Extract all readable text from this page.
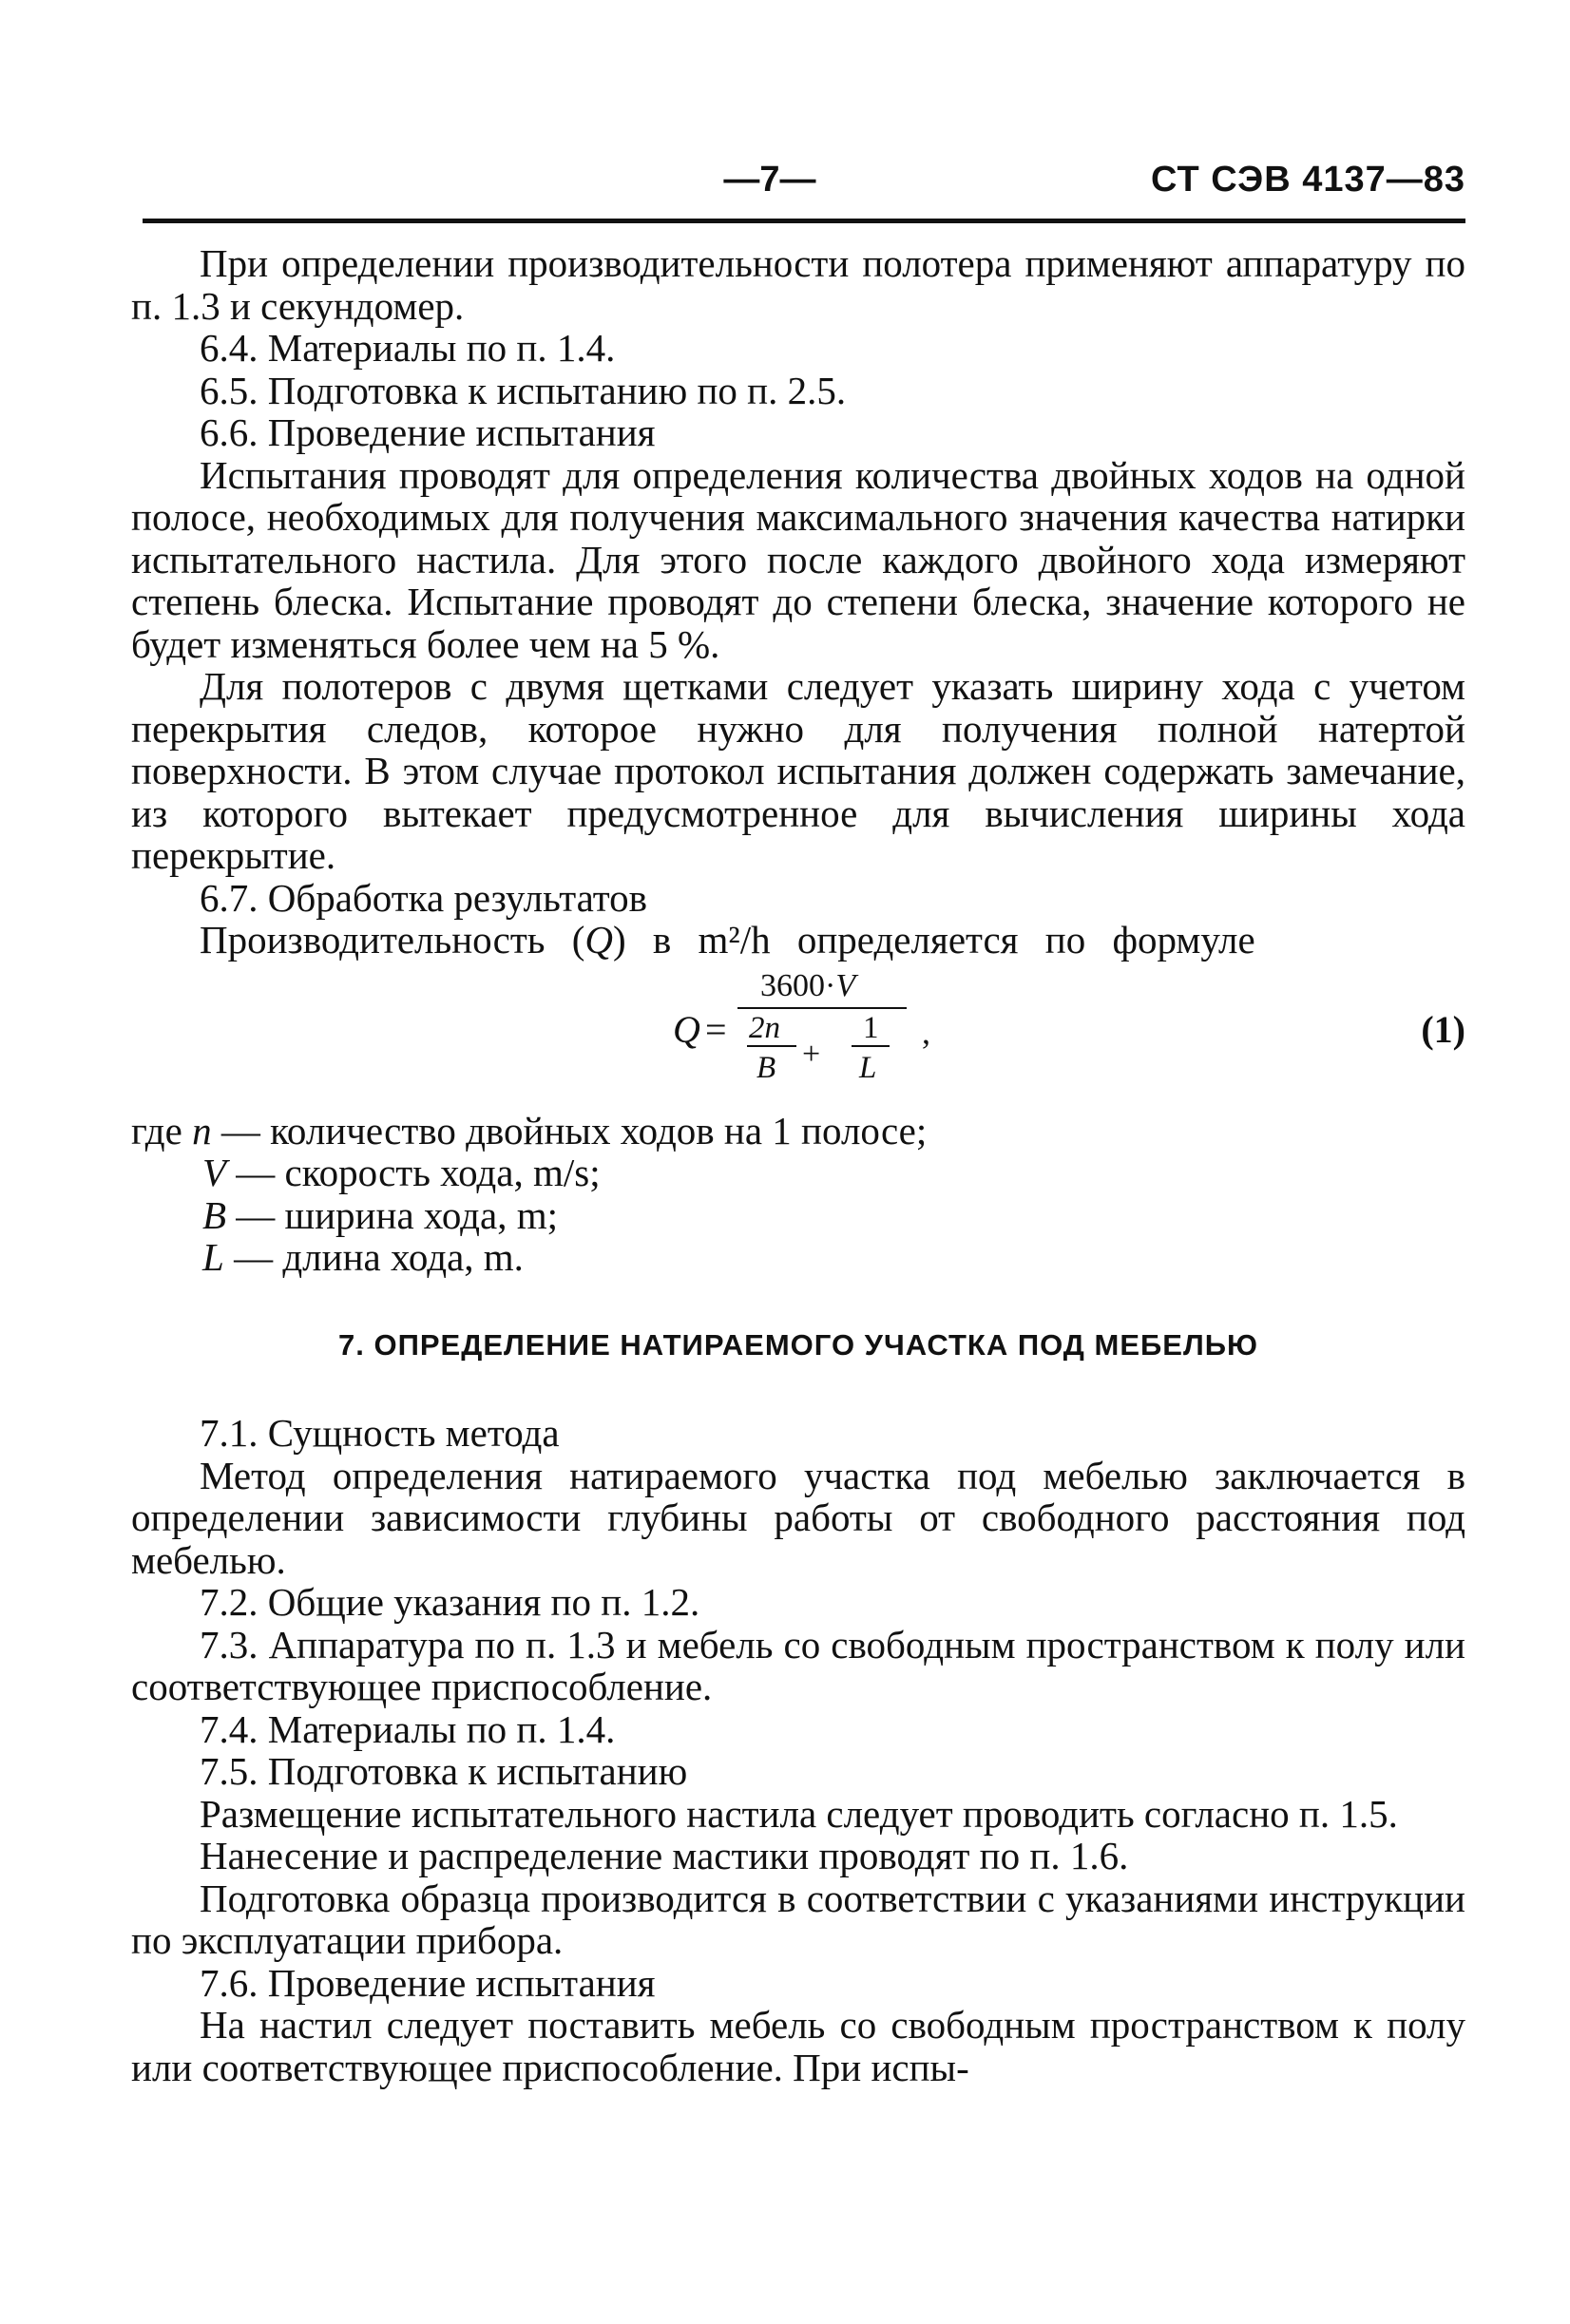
—7—	СТ СЭВ 4137—83

При определении производительности полотера применяют аппаратуру по п. 1.3 и секундомер.

6.4. Материалы по п. 1.4.

6.5. Подготовка к испытанию по п. 2.5.

6.6. Проведение испытания

Испытания проводят для определения количества двойных ходов на одной полосе, необходимых для получения максимального значения качества натирки испытательного настила. Для этого после каждого двойного хода измеряют степень блеска. Испытание проводят до степени блеска, значение которого не будет изменяться более чем на 5 %.

Для полотеров с двумя щетками следует указать ширину хода с учетом перекрытия следов, которое нужно для получения полной натертой поверхности. В этом случае протокол испытания должен содержать замечание, из которого вытекает предусмотренное для вычисления ширины хода перекрытие.

6.7. Обработка результатов

Производительность (Q) в m²/h определяется по формуле

Q =
3600·V
2n
B +
1
L
,	(1)

где n — количество двойных ходов на 1 полосе;

V — скорость хода, m/s;

B — ширина хода, m;

L — длина хода, m.

7. ОПРЕДЕЛЕНИЕ НАТИРАЕМОГО УЧАСТКА ПОД МЕБЕЛЬЮ

7.1. Сущность метода

Метод определения натираемого участка под мебелью заключается в определении зависимости глубины работы от свободного расстояния под мебелью.

7.2. Общие указания по п. 1.2.

7.3. Аппаратура по п. 1.3 и мебель со свободным пространством к полу или соответствующее приспособление.

7.4. Материалы по п. 1.4.

7.5. Подготовка к испытанию

Размещение испытательного настила следует проводить согласно п. 1.5.

Нанесение и распределение мастики проводят по п. 1.6.

Подготовка образца производится в соответствии с указаниями инструкции по эксплуатации прибора.

7.6. Проведение испытания

На настил следует поставить мебель со свободным пространством к полу или соответствующее приспособление. При испы-
